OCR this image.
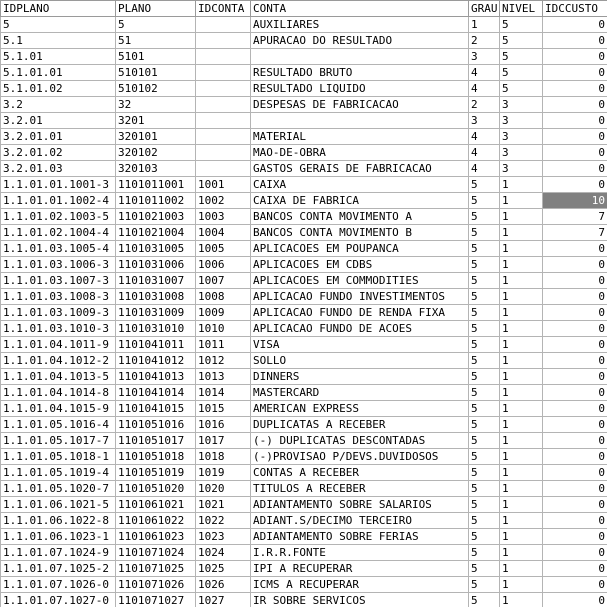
IDPLANO	PLANO	IDCONTA	CONTA	GRAU	NIVEL	IDCCUSTO
5	5		AUXILIARES	1	5	0
5.1	51		APURACAO DO RESULTADO	2	5	0
5.1.01	5101			3	5	0
5.1.01.01	510101		RESULTADO BRUTO	4	5	0
5.1.01.02	510102		RESULTADO LIQUIDO	4	5	0
3.2	32		DESPESAS DE FABRICACAO	2	3	0
3.2.01	3201			3	3	0
3.2.01.01	320101		MATERIAL	4	3	0
3.2.01.02	320102		MAO-DE-OBRA	4	3	0
3.2.01.03	320103		GASTOS GERAIS DE FABRICACAO	4	3	0
1.1.01.01.1001-3	1101011001	1001	CAIXA	5	1	0
1.1.01.01.1002-4	1101011002	1002	CAIXA DE FABRICA	5	1	10
1.1.01.02.1003-5	1101021003	1003	BANCOS CONTA MOVIMENTO A	5	1	7
1.1.01.02.1004-4	1101021004	1004	BANCOS CONTA MOVIMENTO B	5	1	7
1.1.01.03.1005-4	1101031005	1005	APLICACOES EM POUPANCA	5	1	0
1.1.01.03.1006-3	1101031006	1006	APLICACOES EM CDBS	5	1	0
1.1.01.03.1007-3	1101031007	1007	APLICACOES EM COMMODITIES	5	1	0
1.1.01.03.1008-3	1101031008	1008	APLICACAO FUNDO INVESTIMENTOS	5	1	0
1.1.01.03.1009-3	1101031009	1009	APLICACAO FUNDO DE RENDA FIXA	5	1	0
1.1.01.03.1010-3	1101031010	1010	APLICACAO FUNDO DE ACOES	5	1	0
1.1.01.04.1011-9	1101041011	1011	VISA	5	1	0
1.1.01.04.1012-2	1101041012	1012	SOLLO	5	1	0
1.1.01.04.1013-5	1101041013	1013	DINNERS	5	1	0
1.1.01.04.1014-8	1101041014	1014	MASTERCARD	5	1	0
1.1.01.04.1015-9	1101041015	1015	AMERICAN EXPRESS	5	1	0
1.1.01.05.1016-4	1101051016	1016	DUPLICATAS A RECEBER	5	1	0
1.1.01.05.1017-7	1101051017	1017	(-) DUPLICATAS DESCONTADAS	5	1	0
1.1.01.05.1018-1	1101051018	1018	(-)PROVISAO P/DEVS.DUVIDOSOS	5	1	0
1.1.01.05.1019-4	1101051019	1019	CONTAS A RECEBER	5	1	0
1.1.01.05.1020-7	1101051020	1020	TITULOS A RECEBER	5	1	0
1.1.01.06.1021-5	1101061021	1021	ADIANTAMENTO SOBRE SALARIOS	5	1	0
1.1.01.06.1022-8	1101061022	1022	ADIANT.S/DECIMO TERCEIRO	5	1	0
1.1.01.06.1023-1	1101061023	1023	ADIANTAMENTO SOBRE FERIAS	5	1	0
1.1.01.07.1024-9	1101071024	1024	I.R.R.FONTE	5	1	0
1.1.01.07.1025-2	1101071025	1025	IPI A RECUPERAR	5	1	0
1.1.01.07.1026-0	1101071026	1026	ICMS A RECUPERAR	5	1	0
1.1.01.07.1027-0	1101071027	1027	IR SOBRE SERVICOS	5	1	0
